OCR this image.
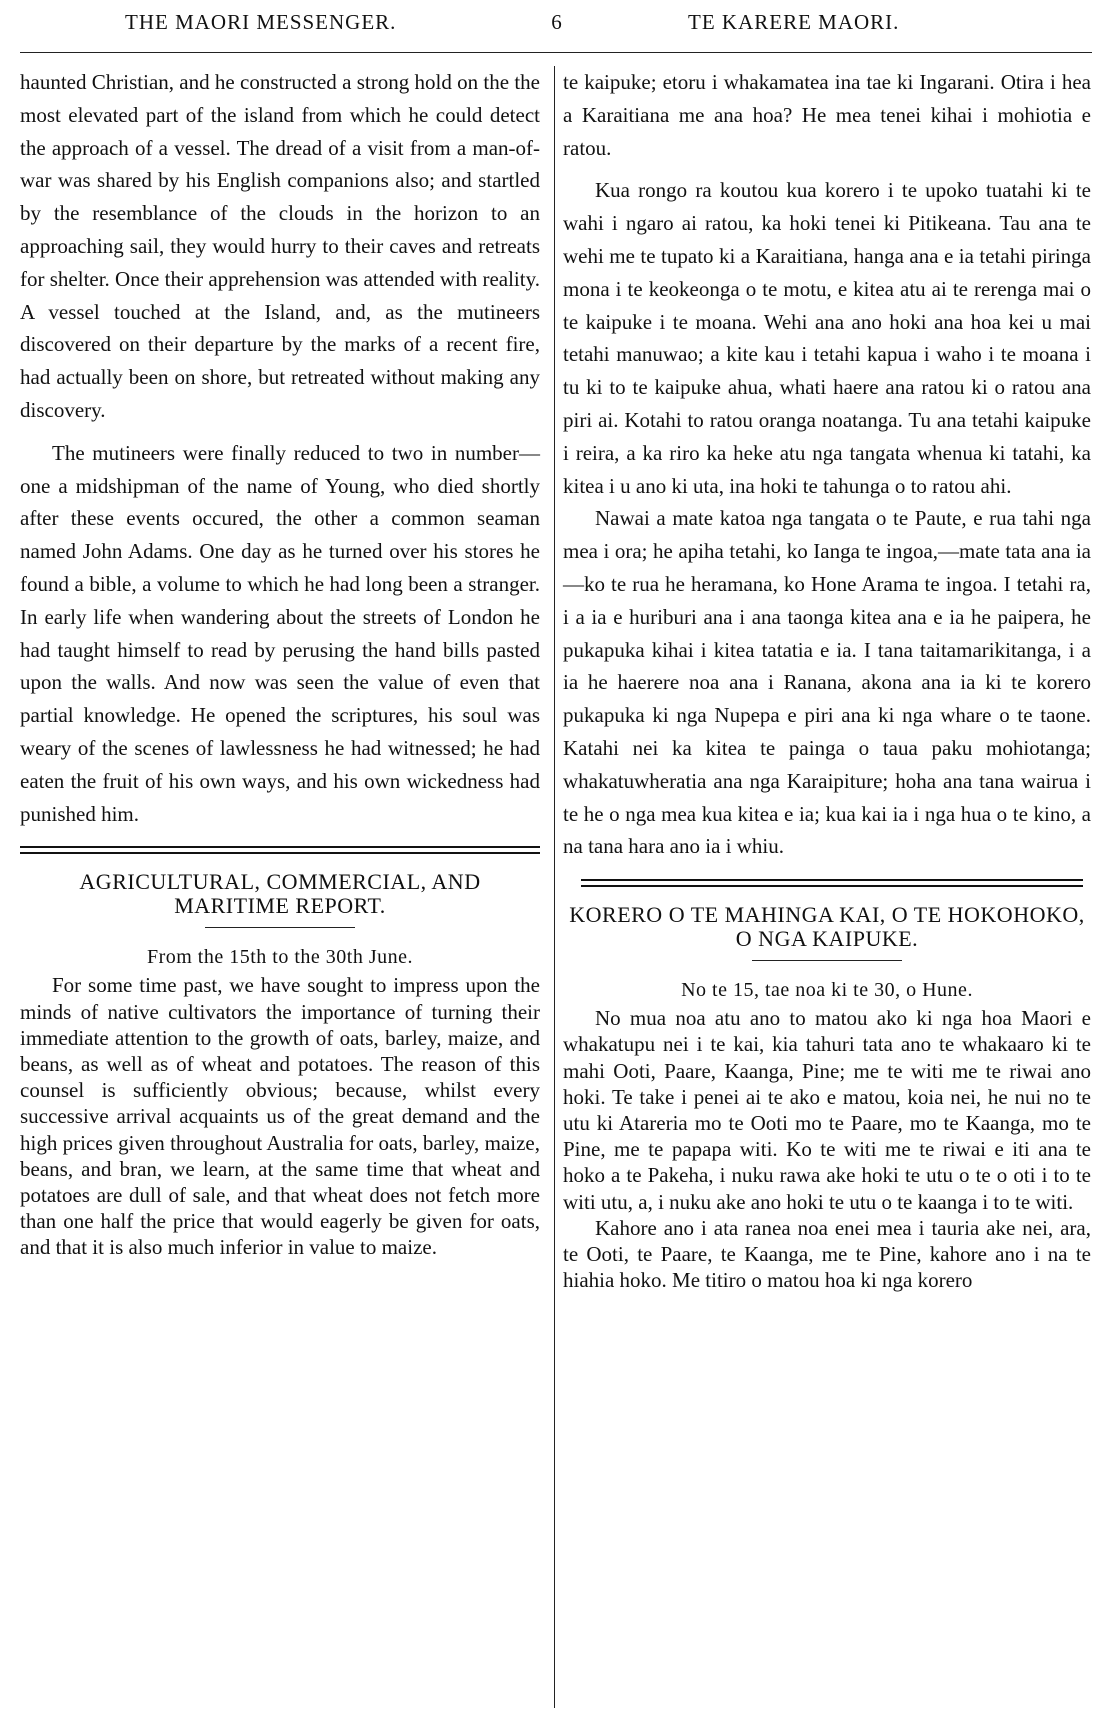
THE MAORI MESSENGER.	6	TE KARERE MAORI.

haunted Christian, and he constructed a strong hold on the the most elevated part of the island from which he could detect the approach of a vessel. The dread of a visit from a man-of-war was shared by his English companions also; and startled by the resemblance of the clouds in the horizon to an approaching sail, they would hurry to their caves and retreats for shelter. Once their apprehension was attended with reality. A vessel touched at the Island, and, as the mutineers discovered on their departure by the marks of a recent fire, had actually been on shore, but retreated without making any discovery.

The mutineers were finally reduced to two in number—one a midshipman of the name of Young, who died shortly after these events occured, the other a common seaman named John Adams. One day as he turned over his stores he found a bible, a volume to which he had long been a stranger. In early life when wandering about the streets of London he had taught himself to read by perusing the hand bills pasted upon the walls. And now was seen the value of even that partial knowledge. He opened the scriptures, his soul was weary of the scenes of lawlessness he had witnessed; he had eaten the fruit of his own ways, and his own wickedness had punished him.

AGRICULTURAL, COMMERCIAL, AND MARITIME REPORT.
From the 15th to the 30th June.

For some time past, we have sought to impress upon the minds of native cultivators the importance of turning their immediate attention to the growth of oats, barley, maize, and beans, as well as of wheat and potatoes. The reason of this counsel is sufficiently obvious; because, whilst every successive arrival acquaints us of the great demand and the high prices given throughout Australia for oats, barley, maize, beans, and bran, we learn, at the same time that wheat and potatoes are dull of sale, and that wheat does not fetch more than one half the price that would eagerly be given for oats, and that it is also much inferior in value to maize.

te kaipuke; etoru i whakamatea ina tae ki Ingarani. Otira i hea a Karaitiana me ana hoa? He mea tenei kihai i mohiotia e ratou.

Kua rongo ra koutou kua korero i te upoko tuatahi ki te wahi i ngaro ai ratou, ka hoki tenei ki Pitikeana. Tau ana te wehi me te tupato ki a Karaitiana, hanga ana e ia tetahi piringa mona i te keokeonga o te motu, e kitea atu ai te rerenga mai o te kaipuke i te moana. Wehi ana ano hoki ana hoa kei u mai tetahi manuwao; a kite kau i tetahi kapua i waho i te moana i tu ki to te kaipuke ahua, whati haere ana ratou ki o ratou ana piri ai. Kotahi to ratou oranga noatanga. Tu ana tetahi kaipuke i reira, a ka riro ka heke atu nga tangata whenua ki tatahi, ka kitea i u ano ki uta, ina hoki te tahunga o to ratou ahi.

Nawai a mate katoa nga tangata o te Paute, e rua tahi nga mea i ora; he apiha tetahi, ko Ianga te ingoa,—mate tata ana ia—ko te rua he heramana, ko Hone Arama te ingoa. I tetahi ra, i a ia e huriburi ana i ana taonga kitea ana e ia he paipera, he pukapuka kihai i kitea tatatia e ia. I tana taitamarikitanga, i a ia he haerere noa ana i Ranana, akona ana ia ki te korero pukapuka ki nga Nupepa e piri ana ki nga whare o te taone. Katahi nei ka kitea te painga o taua paku mohiotanga; whakatuwheratia ana nga Karaipiture; hoha ana tana wairua i te he o nga mea kua kitea e ia; kua kai ia i nga hua o te kino, a na tana hara ano ia i whiu.

KORERO O TE MAHINGA KAI, O TE HOKOHOKO, O NGA KAIPUKE.
No te 15, tae noa ki te 30, o Hune.

No mua noa atu ano to matou ako ki nga hoa Maori e whakatupu nei i te kai, kia tahuri tata ano te whakaaro ki te mahi Ooti, Paare, Kaanga, Pine; me te witi me te riwai ano hoki. Te take i penei ai te ako e matou, koia nei, he nui no te utu ki Atareria mo te Ooti mo te Paare, mo te Kaanga, mo te Pine, me te papapa witi. Ko te witi me te riwai e iti ana te hoko a te Pakeha, i nuku rawa ake hoki te utu o te o oti i to te witi utu, a, i nuku ake ano hoki te utu o te kaanga i to te witi.

Kahore ano i ata ranea noa enei mea i tauria ake nei, ara, te Ooti, te Paare, te Kaanga, me te Pine, kahore ano i na te hiahia hoko. Me titiro o matou hoa ki nga korero
